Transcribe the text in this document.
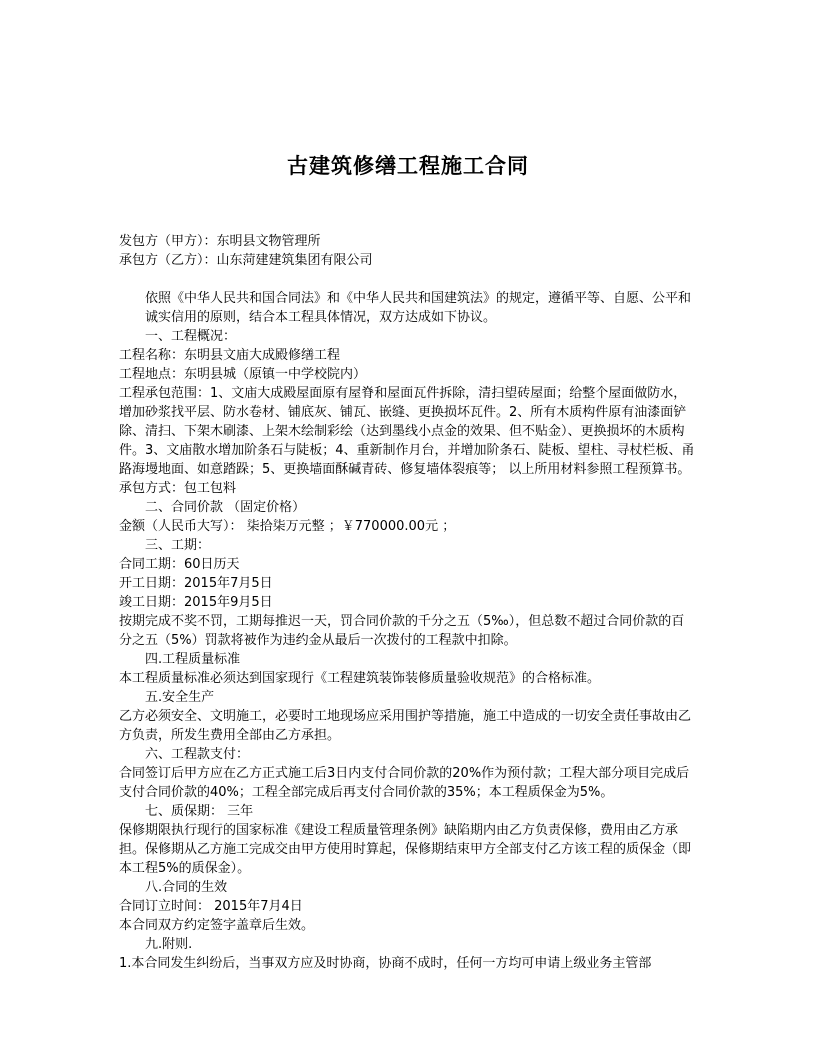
古建筑修缮工程施工合同

发包方（甲方）：东明县文物管理所

承包方（乙方）：山东菏建建筑集团有限公司

依照《中华人民共和国合同法》和《中华人民共和国建筑法》的规定，遵循平等、自愿、公平和诚实信用的原则，结合本工程具体情况，双方达成如下协议。

一、工程概况：

工程名称：东明县文庙大成殿修缮工程

工程地点：东明县城（原镇一中学校院内）

工程承包范围：1、文庙大成殿屋面原有屋脊和屋面瓦件拆除，清扫望砖屋面；给整个屋面做防水，增加砂浆找平层、防水卷材、铺底灰、铺瓦、嵌缝、更换损坏瓦件。2、所有木质构件原有油漆面铲除、清扫、下架木刷漆、上架木绘制彩绘（达到墨线小点金的效果、但不贴金）、更换损坏的木质构件。3、文庙散水增加阶条石与陡板；4、重新制作月台，并增加阶条石、陡板、望柱、寻杖栏板、甬路海墁地面、如意踏跺；5、更换墙面酥碱青砖、修复墙体裂痕等； 以上所用材料参照工程预算书。

承包方式：包工包料

二、合同价款 （固定价格）

金额（人民币大写）： 柒拾柒万元整 ；￥770000.00元 ；

三、工期：

合同工期：60日历天

开工日期：2015年7月5日

竣工日期：2015年9月5日

按期完成不奖不罚，工期每推迟一天，罚合同价款的千分之五（5‰），但总数不超过合同价款的百分之五（5%）罚款将被作为违约金从最后一次拨付的工程款中扣除。

四.工程质量标准

本工程质量标准必须达到国家现行《工程建筑装饰装修质量验收规范》的合格标准。

五.安全生产

乙方必须安全、文明施工，必要时工地现场应采用围护等措施，施工中造成的一切安全责任事故由乙方负责，所发生费用全部由乙方承担。

六、工程款支付：

合同签订后甲方应在乙方正式施工后3日内支付合同价款的20%作为预付款；工程大部分项目完成后支付合同价款的40%；工程全部完成后再支付合同价款的35%；本工程质保金为5%。

七、质保期： 三年

保修期限执行现行的国家标准《建设工程质量管理条例》缺陷期内由乙方负责保修，费用由乙方承担。保修期从乙方施工完成交由甲方使用时算起，保修期结束甲方全部支付乙方该工程的质保金（即本工程5%的质保金）。

八.合同的生效

合同订立时间： 2015年7月4日

本合同双方约定签字盖章后生效。

九.附则.

1.本合同发生纠纷后，当事双方应及时协商，协商不成时，任何一方均可申请上级业务主管部
